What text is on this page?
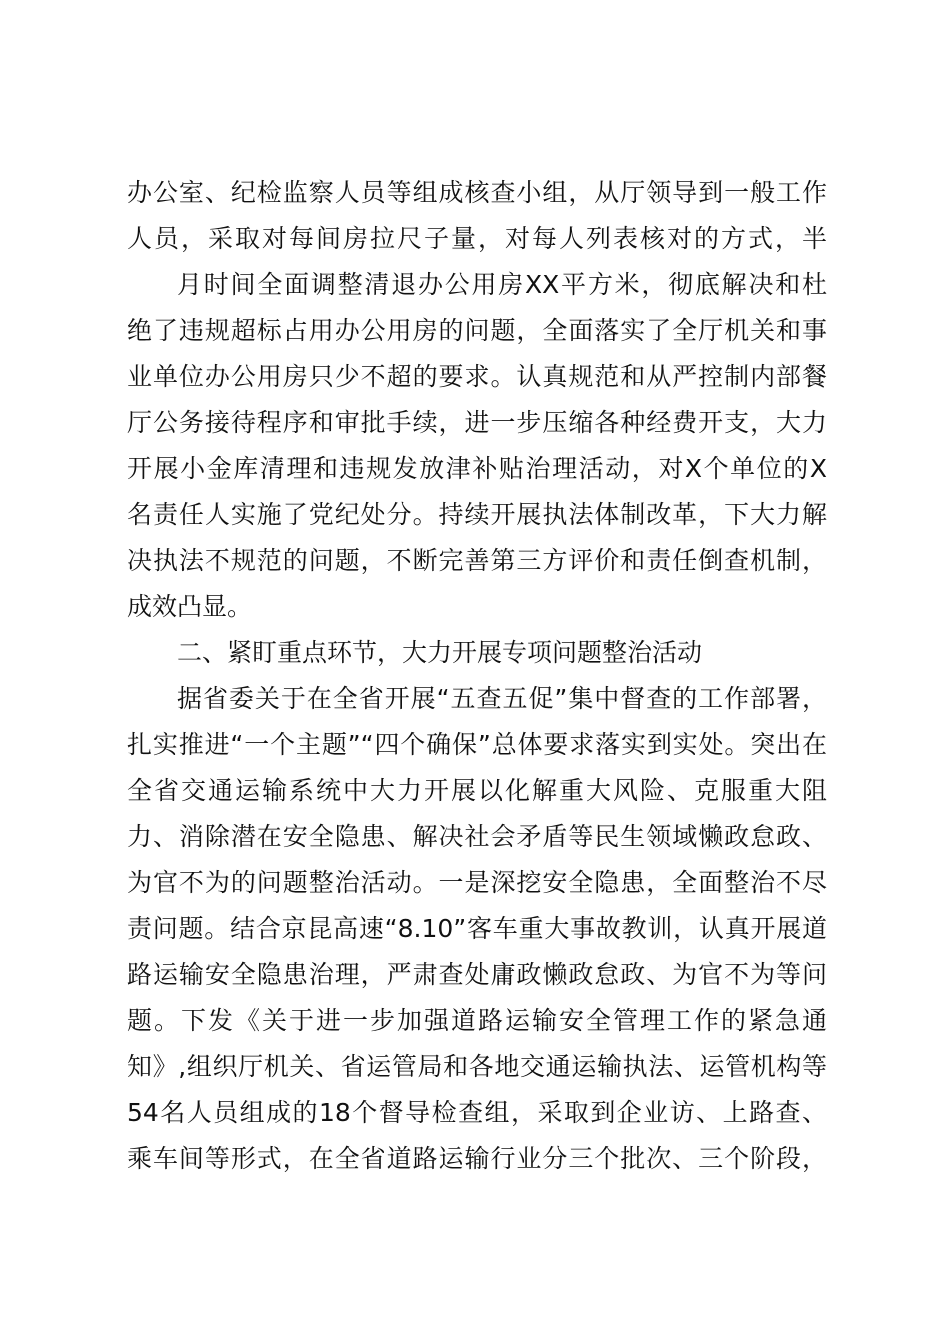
办公室、纪检监察人员等组成核查小组，从厅领导到一般工作
人员，采取对每间房拉尺子量，对每人列表核对的方式，半
月时间全面调整清退办公用房XX平方米，彻底解决和杜
绝了违规超标占用办公用房的问题，全面落实了全厅机关和事
业单位办公用房只少不超的要求。认真规范和从严控制内部餐
厅公务接待程序和审批手续，进一步压缩各种经费开支，大力
开展小金库清理和违规发放津补贴治理活动，对X个单位的X
名责任人实施了党纪处分。持续开展执法体制改革，下大力解
决执法不规范的问题，不断完善第三方评价和责任倒查机制，
成效凸显。
二、紧盯重点环节，大力开展专项问题整治活动
据省委关于在全省开展“五查五促”集中督查的工作部署，
扎实推进“一个主题”“四个确保”总体要求落实到实处。突出在
全省交通运输系统中大力开展以化解重大风险、克服重大阻
力、消除潜在安全隐患、解决社会矛盾等民生领域懒政怠政、
为官不为的问题整治活动。一是深挖安全隐患，全面整治不尽
责问题。结合京昆高速“8.10”客车重大事故教训，认真开展道
路运输安全隐患治理，严肃查处庸政懒政怠政、为官不为等问
题。下发《关于进一步加强道路运输安全管理工作的紧急通
知》,组织厅机关、省运管局和各地交通运输执法、运管机构等
54名人员组成的18个督导检查组，采取到企业访、上路查、
乘车间等形式，在全省道路运输行业分三个批次、三个阶段，
